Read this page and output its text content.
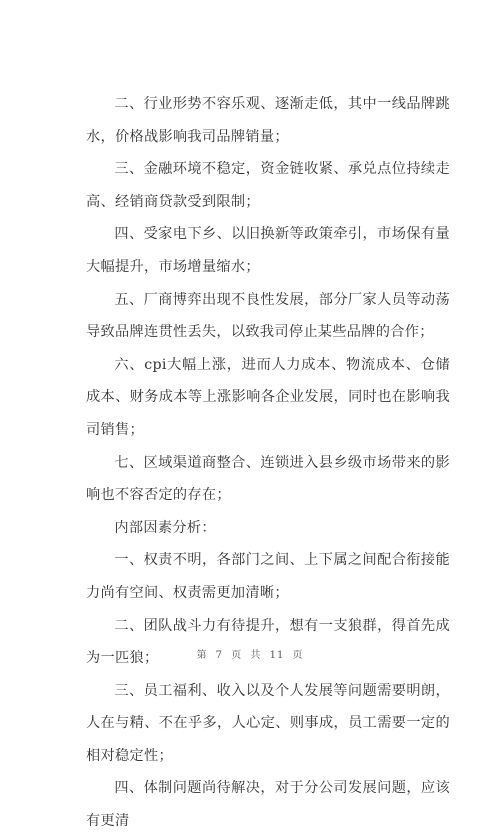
二、行业形势不容乐观、逐渐走低，其中一线品牌跳水，价格战影响我司品牌销量；

三、金融环境不稳定，资金链收紧、承兑点位持续走高、经销商贷款受到限制；

四、受家电下乡、以旧换新等政策牵引，市场保有量大幅提升，市场增量缩水；

五、厂商博弈出现不良性发展，部分厂家人员等动荡导致品牌连贯性丢失，以致我司停止某些品牌的合作；

六、cpi大幅上涨，进而人力成本、物流成本、仓储成本、财务成本等上涨影响各企业发展，同时也在影响我司销售；

七、区域渠道商整合、连锁进入县乡级市场带来的影响也不容否定的存在；

内部因素分析：

一、权责不明，各部门之间、上下属之间配合衔接能力尚有空间、权责需更加清晰；

二、团队战斗力有待提升，想有一支狼群，得首先成为一匹狼；

三、员工福利、收入以及个人发展等问题需要明朗，人在与精、不在乎多，人心定、则事成，员工需要一定的相对稳定性；

四、体制问题尚待解决，对于分公司发展问题，应该有更清

第 7 页 共 11 页
